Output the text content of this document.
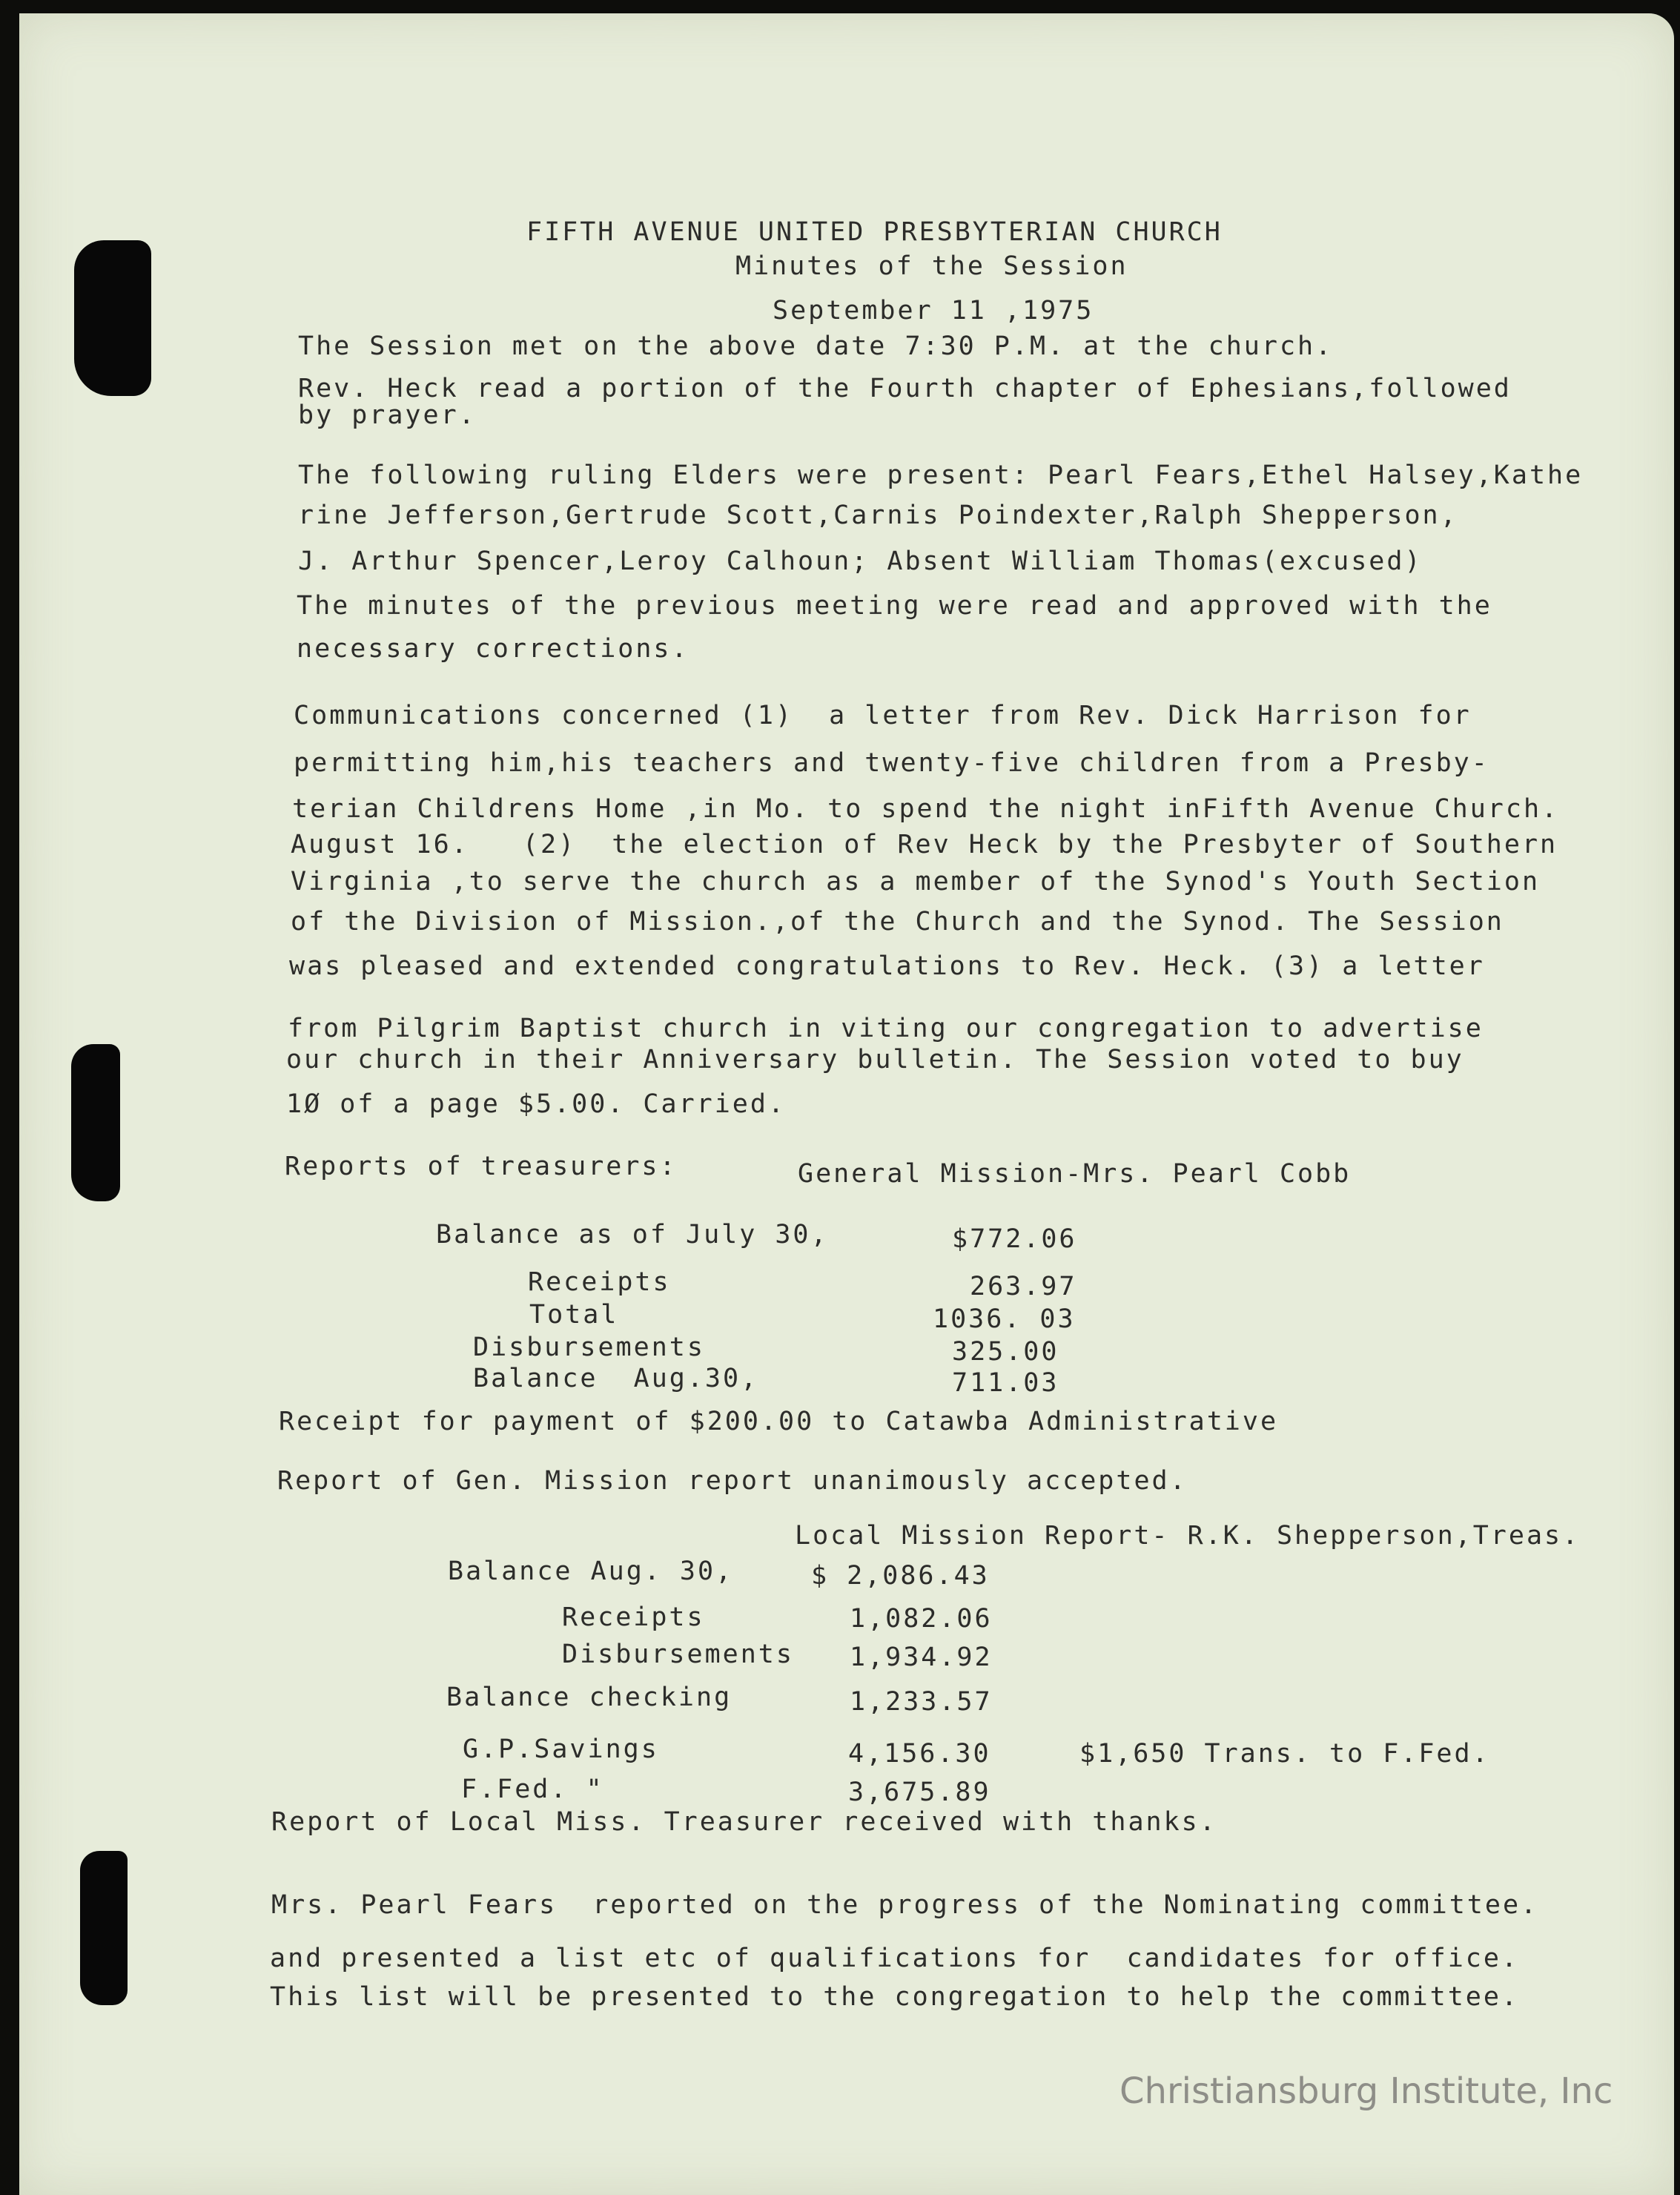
FIFTH AVENUE UNITED PRESBYTERIAN CHURCH

Minutes of the Session

September 11 ,1975

The Session met on the above date 7:30 P.M. at the church.

Rev. Heck read a portion of the Fourth chapter of Ephesians,followed

by prayer.

The following ruling Elders were present: Pearl Fears,Ethel Halsey,Kathe

rine Jefferson,Gertrude Scott,Carnis Poindexter,Ralph Shepperson,

J. Arthur Spencer,Leroy Calhoun; Absent William Thomas(excused)

The minutes of the previous meeting were read and approved with the

necessary corrections.

Communications concerned (1)  a letter from Rev. Dick Harrison for

permitting him,his teachers and twenty-five children from a Presby-

terian Childrens Home ,in Mo. to spend the night inFifth Avenue Church.

August 16.   (2)  the election of Rev Heck by the Presbyter of Southern

Virginia ,to serve the church as a member of the Synod's Youth Section

of the Division of Mission.,of the Church and the Synod. The Session

was pleased and extended congratulations to Rev. Heck. (3) a letter

from Pilgrim Baptist church in viting our congregation to advertise

our church in their Anniversary bulletin. The Session voted to buy

1Ø of a page $5.00. Carried.

Reports of treasurers:	General Mission-Mrs. Pearl Cobb

Balance as of July 30,	$772.06

Receipts	263.97

Total	1036. 03

Disbursements	325.00

Balance  Aug.30,	711.03

Receipt for payment of $200.00 to Catawba Administrative

Report of Gen. Mission report unanimously accepted.

Local Mission Report- R.K. Shepperson,Treas.

Balance Aug. 30,	$ 2,086.43

Receipts	1,082.06

Disbursements 1,934.92

Balance checking	1,233.57

G.P.Savings	4,156.30	$1,650 Trans. to F.Fed.

F.Fed. "	3,675.89

Report of Local Miss. Treasurer received with thanks.

Mrs. Pearl Fears  reported on the progress of the Nominating committee.

and presented a list etc of qualifications for  candidates for office.

This list will be presented to the congregation to help the committee.

Christiansburg Institute, Inc
